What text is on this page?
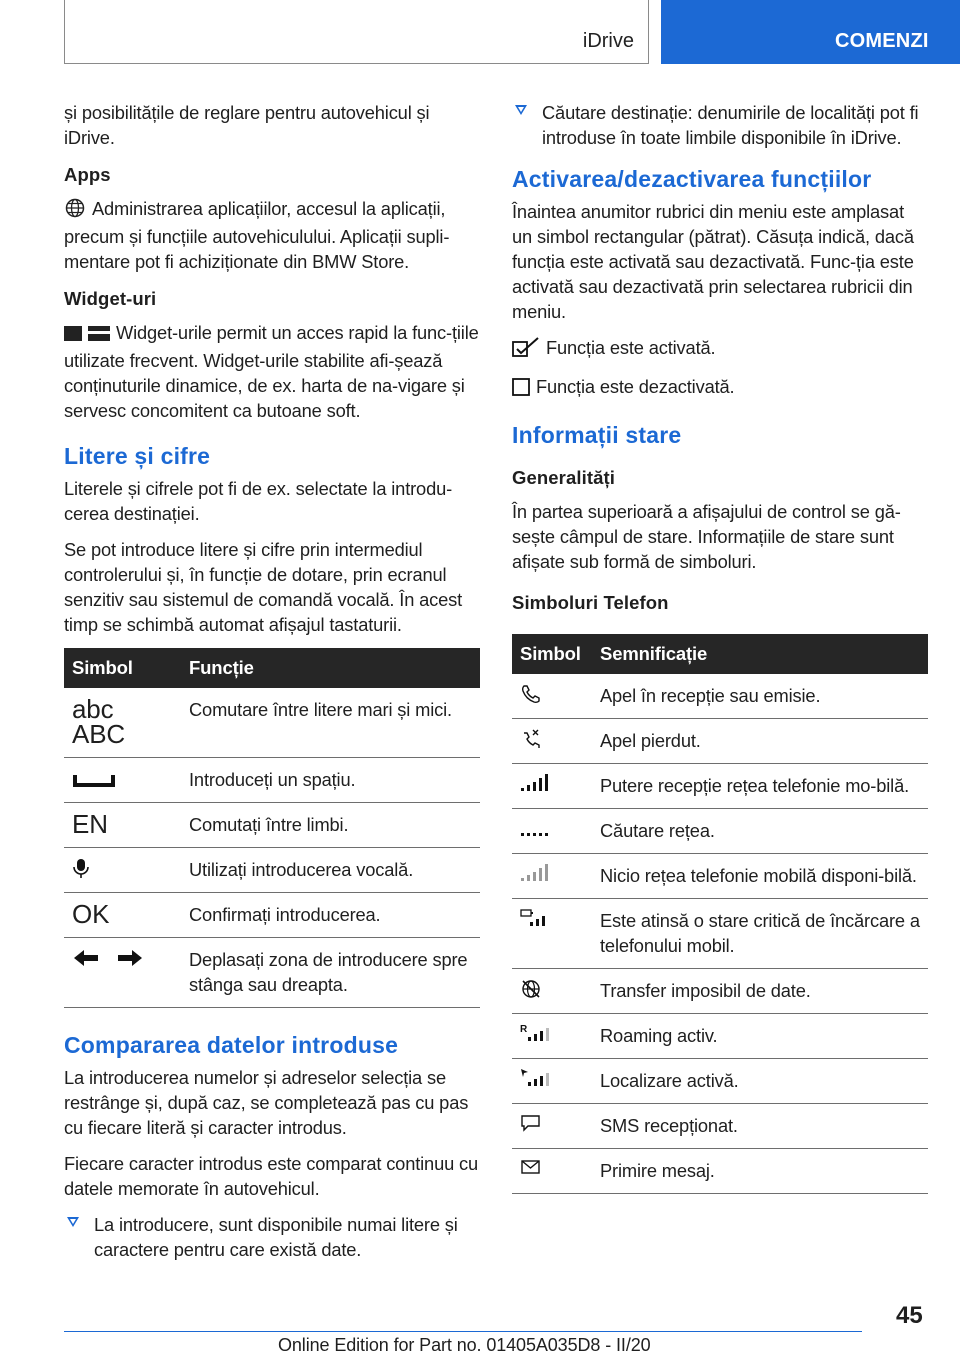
iDrive	COMENZI

și posibilitățile de reglare pentru autovehicul și iDrive.

Apps

Administrarea aplicațiilor, accesul la aplicații, precum și funcțiile autovehiculului. Aplicații supli-mentare pot fi achiziționate din BMW Store.

Widget-uri

Widget-urile permit un acces rapid la func-țiile utilizate frecvent. Widget-urile stabilite afi-șează conținuturile dinamice, de ex. harta de na-vigare și servesc concomitent ca butoane soft.

Litere și cifre

Literele și cifrele pot fi de ex. selectate la introdu-cerea destinației.

Se pot introduce litere și cifre prin intermediul controlerului și, în funcție de dotare, prin ecranul senzitiv sau sistemul de comandă vocală. În acest timp se schimbă automat afișajul tastaturii.

Simbol	Funcție

abc
ABC	Comutare între litere mari și mici.

	Introduceți un spațiu.
EN	Comutați între limbi.

	Utilizați introducerea vocală.
OK	Confirmați introducerea.

	Deplasați zona de introducere spre stânga sau dreapta.
Compararea datelor introduse

La introducerea numelor și adreselor selecția se restrânge și, după caz, se completează pas cu pas cu fiecare literă și caracter introdus.

Fiecare caracter introdus este comparat continuu cu datele memorate în autovehicul.

La introducere, sunt disponibile numai litere și caractere pentru care există date.
Căutare destinație: denumirile de localități pot fi introduse în toate limbile disponibile în iDrive.
Activarea/dezactivarea funcțiilor

Înaintea anumitor rubrici din meniu este amplasat un simbol rectangular (pătrat). Căsuța indică, dacă funcția este activată sau dezactivată. Func-ția este activată sau dezactivată prin selectarea rubricii din meniu.

Funcția este activată.

Funcția este dezactivată.

Informații stare
Generalități

În partea superioară a afișajului de control se gă-sește câmpul de stare. Informațiile de stare sunt afișate sub formă de simboluri.

Simboluri Telefon
Simbol	Semnificație

	Apel în recepție sau emisie.

	Apel pierdut.

	Putere recepție rețea telefonie mo-bilă.

	Căutare rețea.

	Nicio rețea telefonie mobilă disponi-bilă.

	Este atinsă o stare critică de încărcare a telefonului mobil.

	Transfer imposibil de date.

R	Roaming activ.

	Localizare activă.

	SMS recepționat.

	Primire mesaj.
45
Online Edition for Part no. 01405A035D8 - II/20
